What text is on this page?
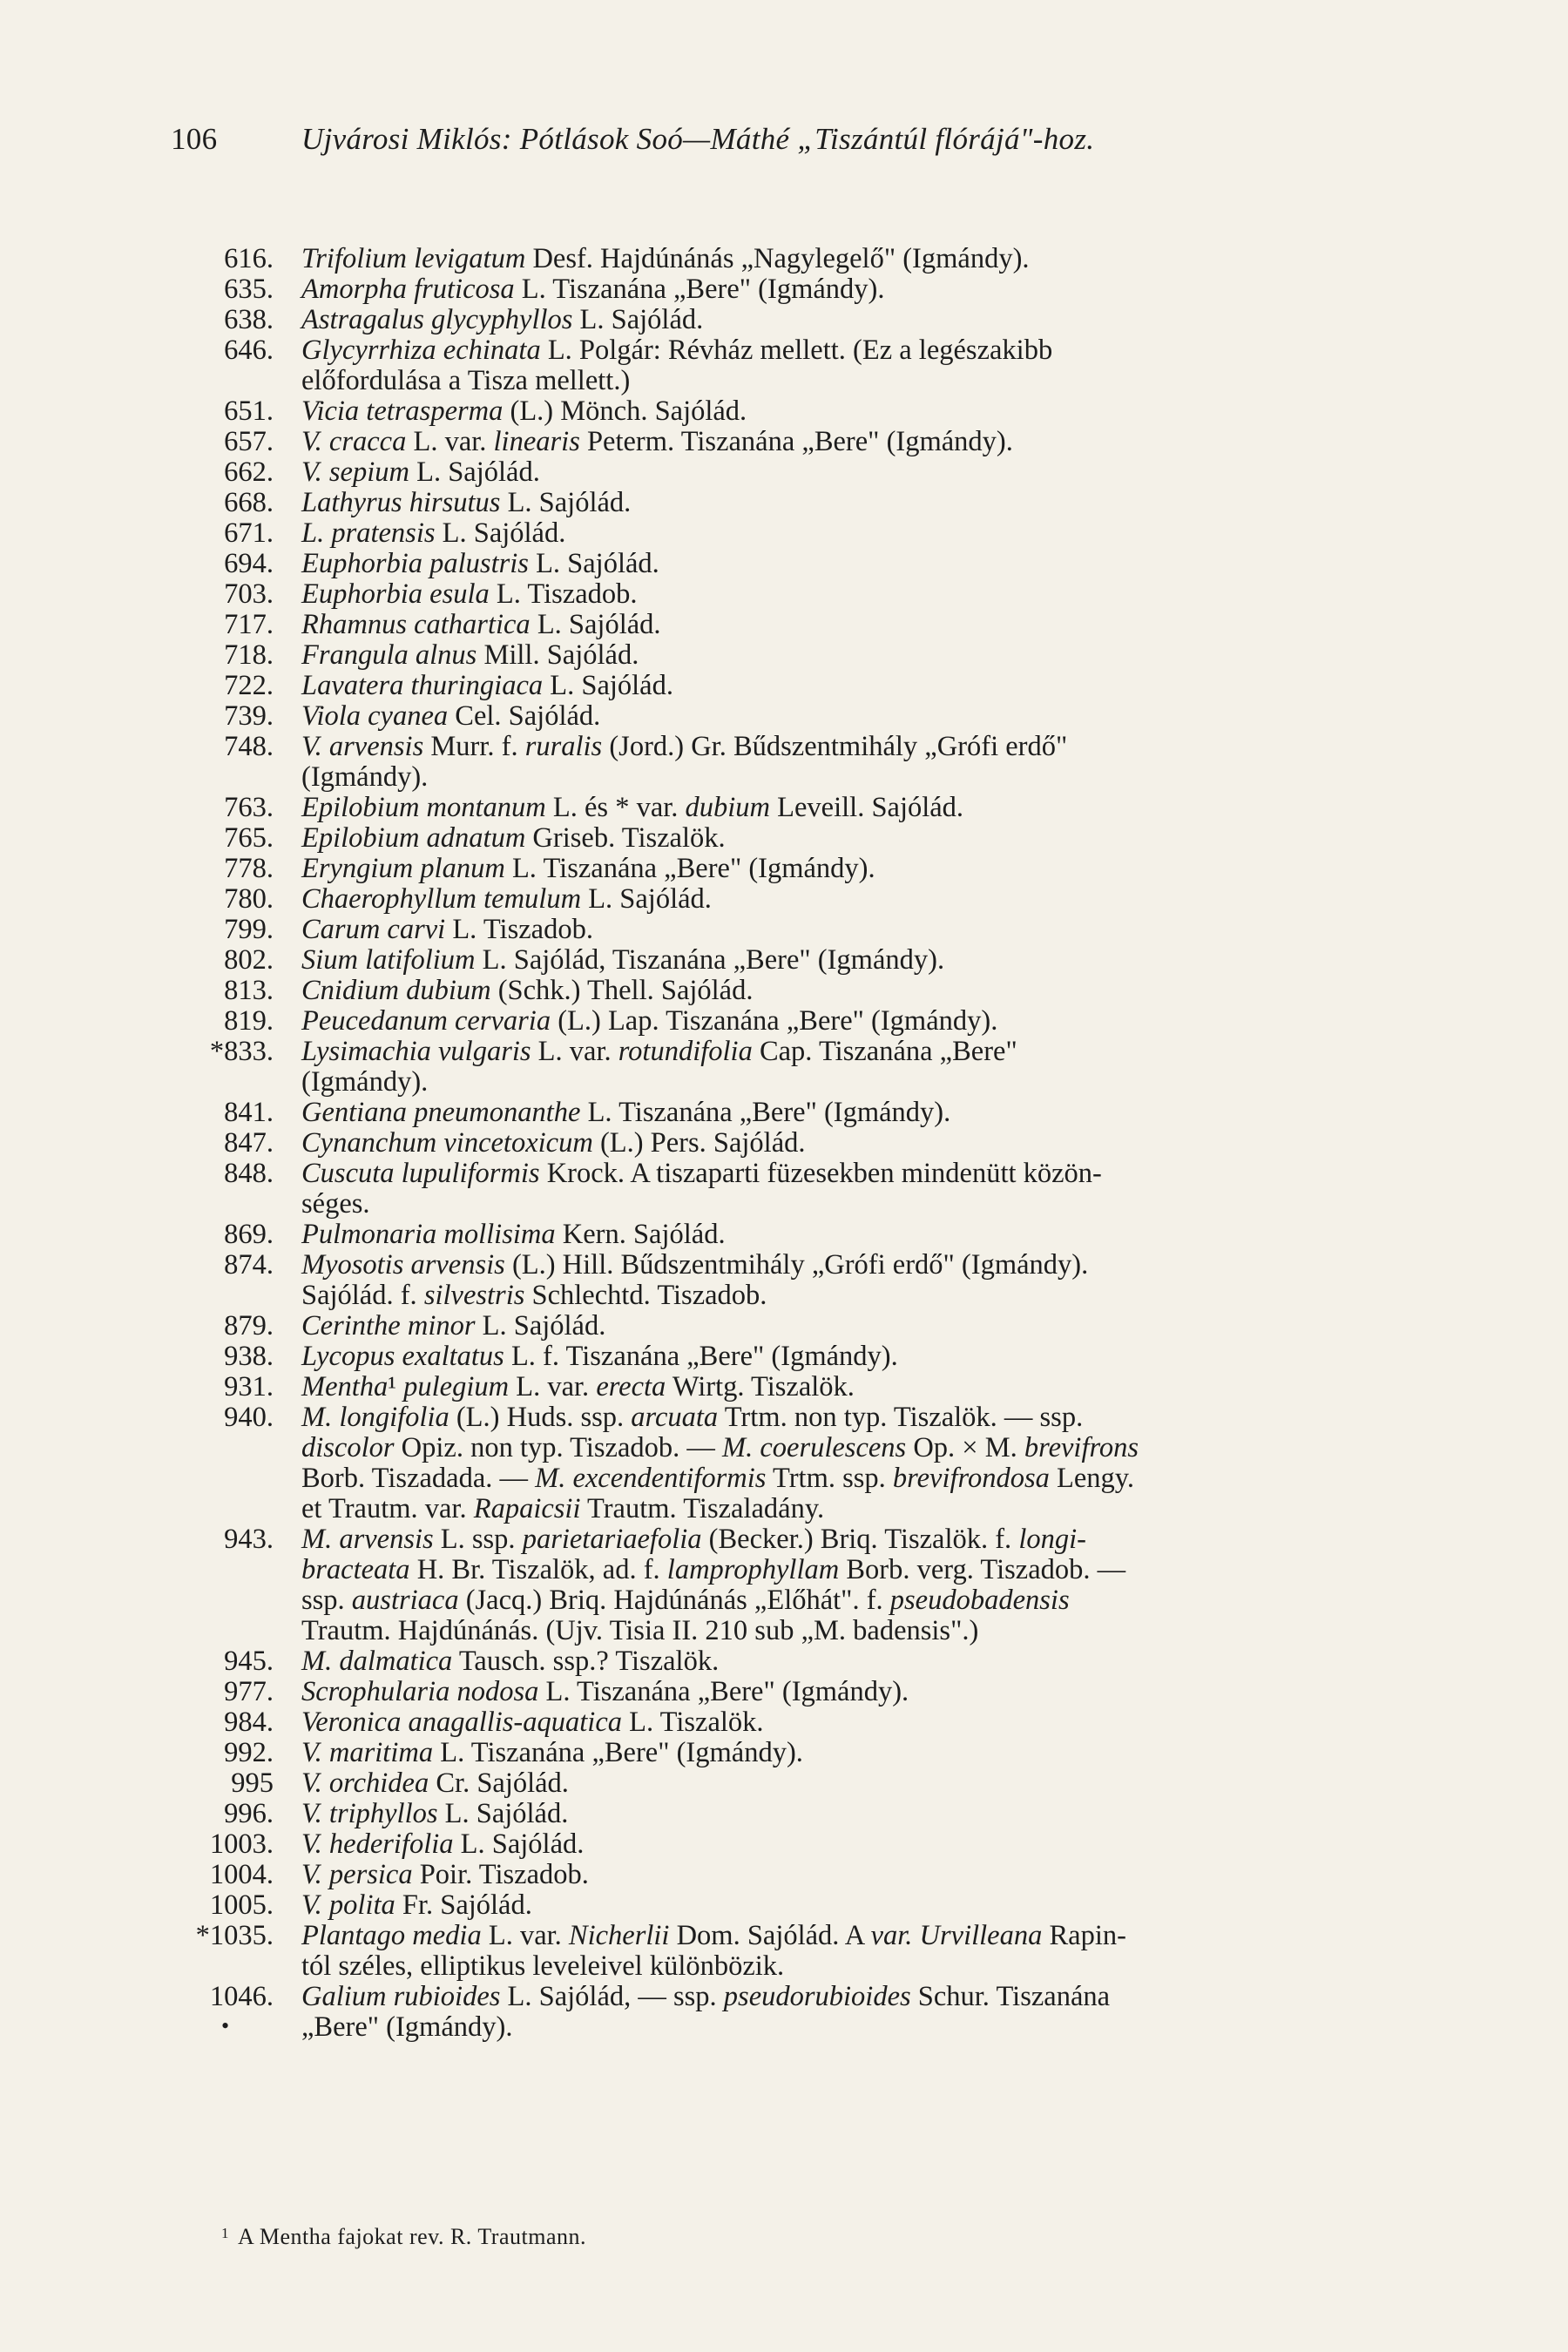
106	Ujvárosi Miklós: Pótlások Soó—Máthé „Tiszántúl flórájá"-hoz.
616. Trifolium levigatum Desf. Hajdúnánás „Nagylegelő" (Igmándy).
635. Amorpha fruticosa L. Tiszanána „Bere" (Igmándy).
638. Astragalus glycyphyllos L. Sajólád.
646. Glycyrrhiza echinata L. Polgár: Révház mellett. (Ez a legészakibb
előfordulása a Tisza mellett.)
651. Vicia tetrasperma (L.) Mönch. Sajólád.
657. V. cracca L. var. linearis Peterm. Tiszanána „Bere" (Igmándy).
662. V. sepium L. Sajólád.
668. Lathyrus hirsutus L. Sajólád.
671. L. pratensis L. Sajólád.
694. Euphorbia palustris L. Sajólád.
703. Euphorbia esula L. Tiszadob.
717. Rhamnus cathartica L. Sajólád.
718. Frangula alnus Mill. Sajólád.
722. Lavatera thuringiaca L. Sajólád.
739. Viola cyanea Cel. Sajólád.
748. V. arvensis Murr. f. ruralis (Jord.) Gr. Bűdszentmihály „Grófi erdő"
(Igmándy).
763. Epilobium montanum L. és * var. dubium Leveill. Sajólád.
765. Epilobium adnatum Griseb. Tiszalök.
778. Eryngium planum L. Tiszanána „Bere" (Igmándy).
780. Chaerophyllum temulum L. Sajólád.
799. Carum carvi L. Tiszadob.
802. Sium latifolium L. Sajólád, Tiszanána „Bere" (Igmándy).
813. Cnidium dubium (Schk.) Thell. Sajólád.
819. Peucedanum cervaria (L.) Lap. Tiszanána „Bere" (Igmándy).
*833. Lysimachia vulgaris L. var. rotundifolia Cap. Tiszanána „Bere"
(Igmándy).
841. Gentiana pneumonanthe L. Tiszanána „Bere" (Igmándy).
847. Cynanchum vincetoxicum (L.) Pers. Sajólád.
848. Cuscuta lupuliformis Krock. A tiszaparti füzesekben mindenütt közön-
séges.
869. Pulmonaria mollisima Kern. Sajólád.
874. Myosotis arvensis (L.) Hill. Bűdszentmihály „Grófi erdő" (Igmándy).
Sajólád. f. silvestris Schlechtd. Tiszadob.
879. Cerinthe minor L. Sajólád.
938. Lycopus exaltatus L. f. Tiszanána „Bere" (Igmándy).
931. Mentha¹ pulegium L. var. erecta Wirtg. Tiszalök.
940. M. longifolia (L.) Huds. ssp. arcuata Trtm. non typ. Tiszalök. — ssp.
discolor Opiz. non typ. Tiszadob. — M. coerulescens Op. × M. brevifrons
Borb. Tiszadada. — M. excendentiformis Trtm. ssp. brevifrondosa Lengy.
et Trautm. var. Rapaicsii Trautm. Tiszaladány.
943. M. arvensis L. ssp. parietariaefolia (Becker.) Briq. Tiszalök. f. longi-
bracteata H. Br. Tiszalök, ad. f. lamprophyllam Borb. verg. Tiszadob. —
ssp. austriaca (Jacq.) Briq. Hajdúnánás „Előhát". f. pseudobadensis
Trautm. Hajdúnánás. (Ujv. Tisia II. 210 sub „M. badensis".)
945. M. dalmatica Tausch. ssp.? Tiszalök.
977. Scrophularia nodosa L. Tiszanána „Bere" (Igmándy).
984. Veronica anagallis-aquatica L. Tiszalök.
992. V. maritima L. Tiszanána „Bere" (Igmándy).
995 V. orchidea Cr. Sajólád.
996. V. triphyllos L. Sajólád.
1003. V. hederifolia L. Sajólád.
1004. V. persica Poir. Tiszadob.
1005. V. polita Fr. Sajólád.
*1035. Plantago media L. var. Nicherlii Dom. Sajólád. A var. Urvilleana Rapin-
tól széles, elliptikus leveleivel különbözik.
1046. Galium rubioides L. Sajólád, — ssp. pseudorubioides Schur. Tiszanána
•	„Bere" (Igmándy).
$^1$ A Mentha fajokat rev. R. Trautmann.
